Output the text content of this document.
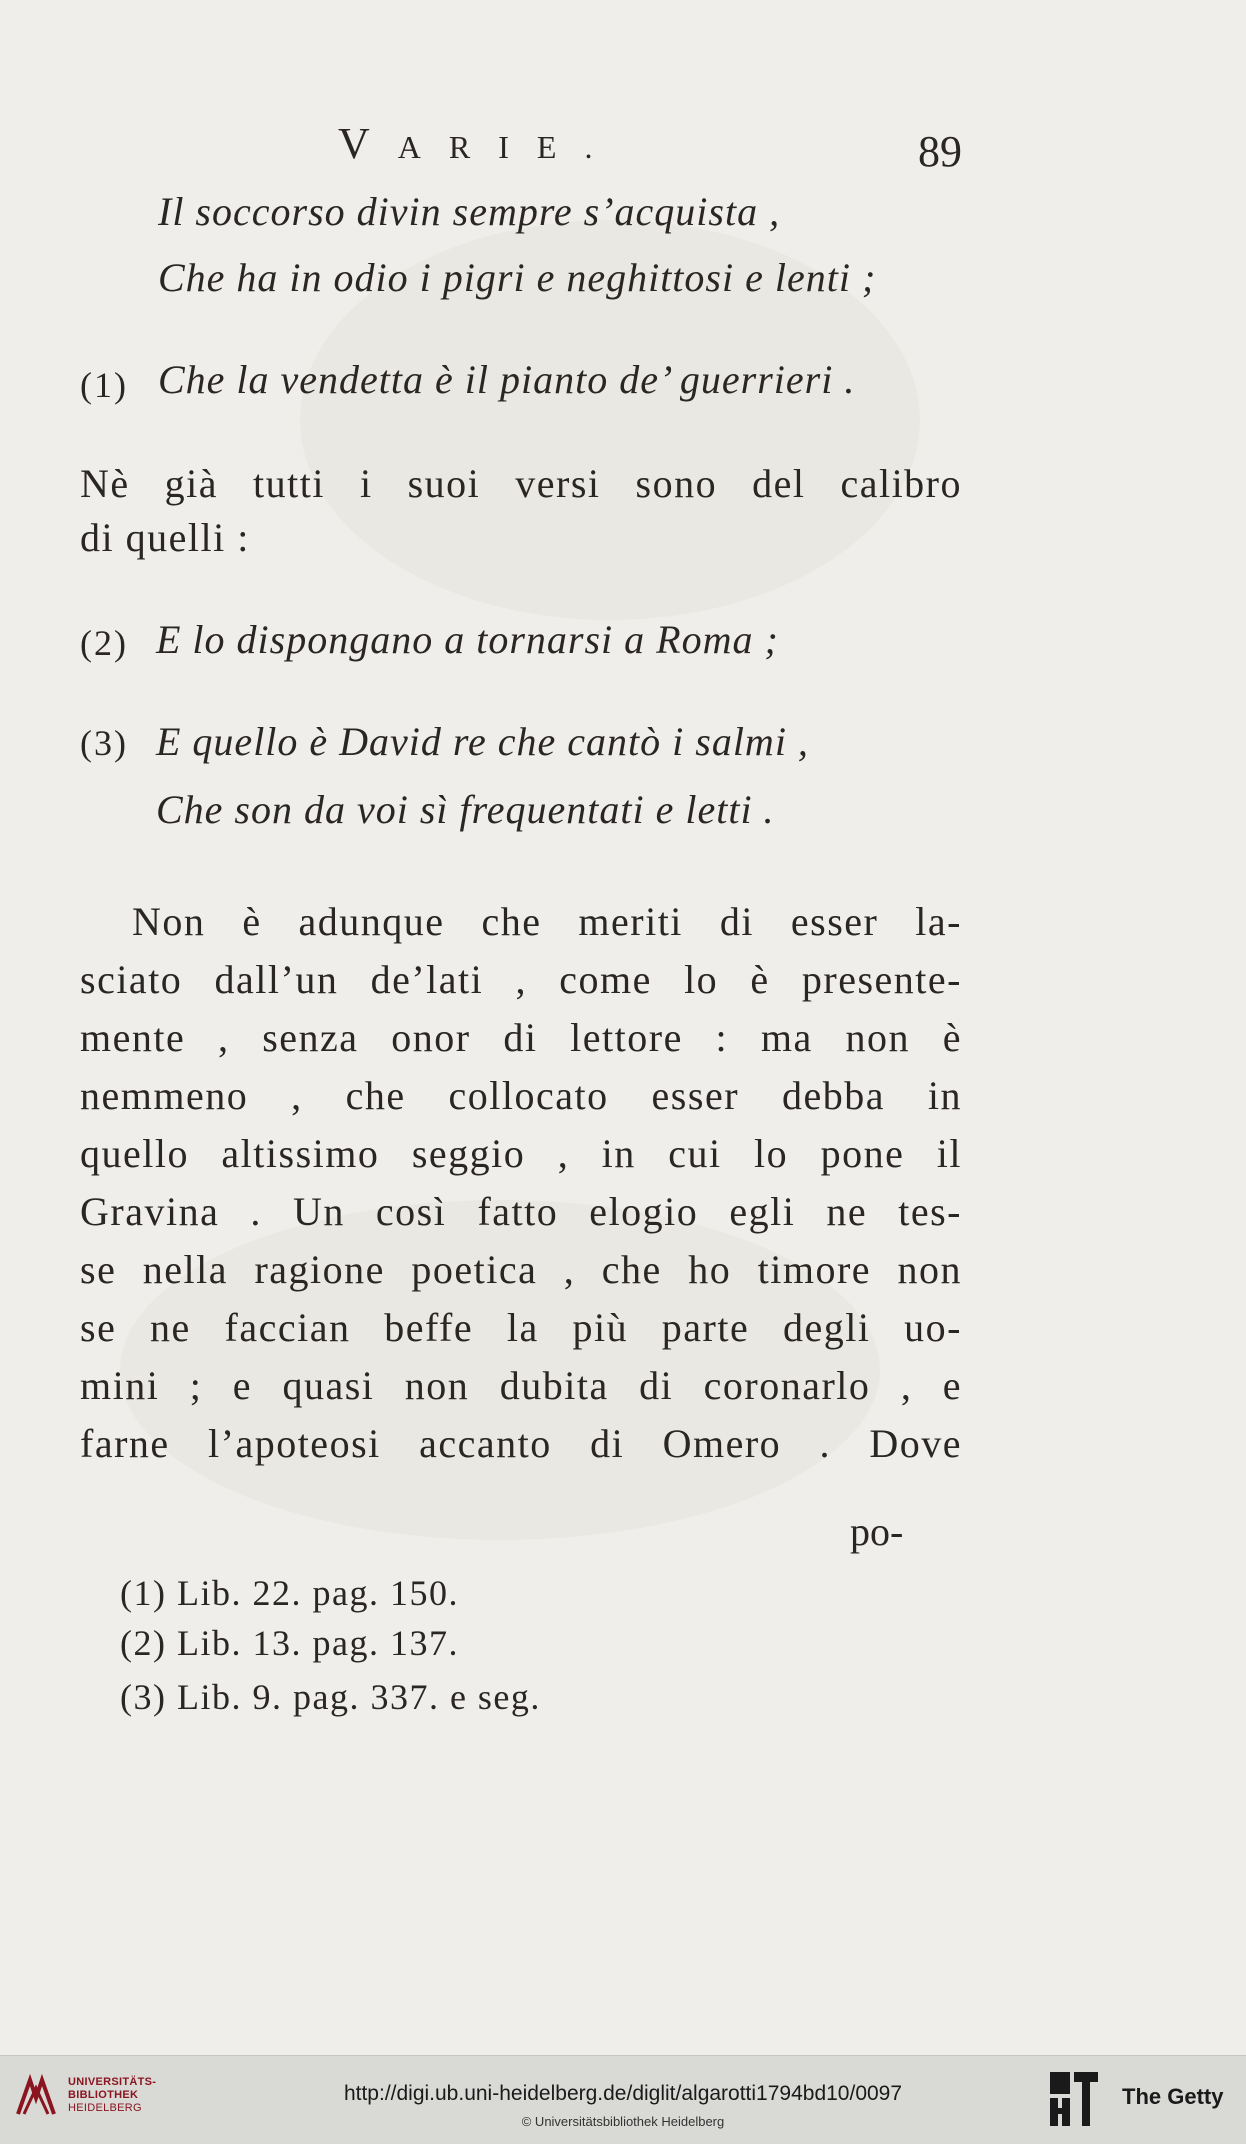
VARIE.	89
(1)
Il soccorso divin sempre s’acquista ,
Che ha in odio i pigri e neghittosi e lenti ;
Che la vendetta è il pianto de’ guerrieri .
Nè già tutti i suoi versi sono del calibro
di quelli :
(2) E lo dispongano a tornarsi a Roma ;
(3) E quello è David re che cantò i salmi ,
Che son da voi sì frequentati e letti .
Non è adunque che meriti di esser la-
sciato dall’un de’lati , come lo è presente-
mente , senza onor di lettore : ma non è
nemmeno , che collocato esser debba in
quello altissimo seggio , in cui lo pone il
Gravina . Un così fatto elogio egli ne tes-
se nella ragione poetica , che ho timore non
se ne faccian beffe la più parte degli uo-
mini ; e quasi non dubita di coronarlo , e
farne l’apoteosi accanto di Omero . Dove
po-
(1) Lib. 22. pag. 150.
(2) Lib. 13. pag. 137.
(3) Lib. 9. pag. 337. e seg.
UNIVERSITÄTS-
BIBLIOTHEK
HEIDELBERG
http://digi.ub.uni-heidelberg.de/diglit/algarotti1794bd10/0097
© Universitätsbibliothek Heidelberg
The Getty
